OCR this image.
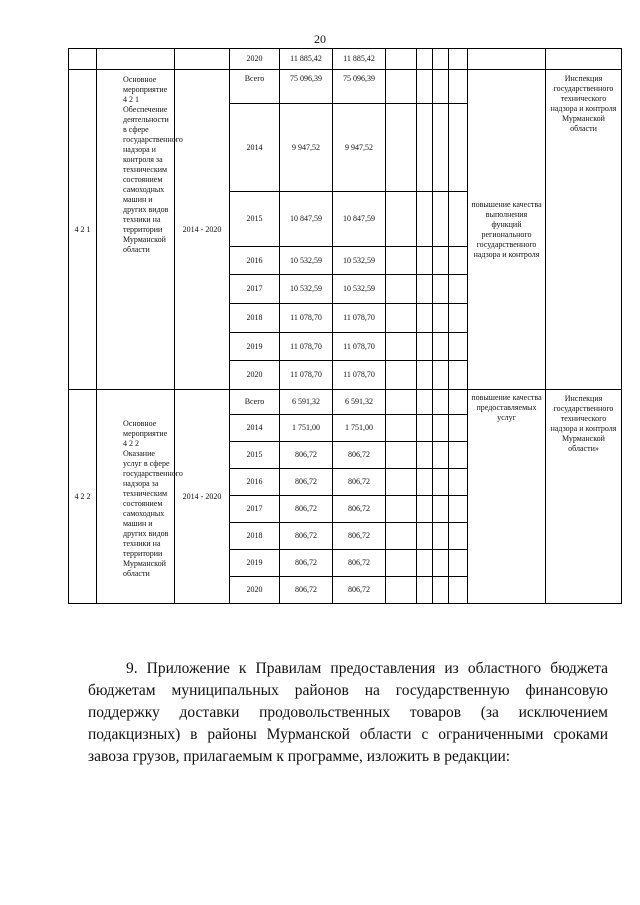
20
			2020	11 885,42	11 885,42						
4 2 1	Основное мероприятие 4 2 1 Обеспечение деятельности в сфере государственного надзора и контроля за техническим состоянием самоходных машин и других видов техники на территории Мурманской области	2014 - 2020	Всего	75 096,39	75 096,39					повышение качества выполнения функций регионального государственного надзора и контроля	Инспекция государственного технического надзора и контроля Мурманской области
			2014	9 947,52	9 947,52						
			2015	10 847,59	10 847,59						
			2016	10 532,59	10 532,59						
			2017	10 532,59	10 532,59						
			2018	11 078,70	11 078,70						
			2019	11 078,70	11 078,70						
			2020	11 078,70	11 078,70						
4 2 2	Основное мероприятие 4 2 2 Оказание услуг в сфере государственного надзора за техническим состоянием самоходных машин и других видов техники на территории Мурманской области	2014 - 2020	Всего	6 591,32	6 591,32					повышение качества предоставляемых услуг	Инспекция государственного технического надзора и контроля Мурманской области»
			2014	1 751,00	1 751,00						
			2015	806,72	806,72						
			2016	806,72	806,72						
			2017	806,72	806,72						
			2018	806,72	806,72						
			2019	806,72	806,72						
			2020	806,72	806,72						

9. Приложение к Правилам предоставления из областного бюджета бюджетам муниципальных районов на государственную финансовую поддержку доставки продовольственных товаров (за исключением подакцизных) в районы Мурманской области с ограниченными сроками завоза грузов, прилагаемым к программе, изложить в редакции:
